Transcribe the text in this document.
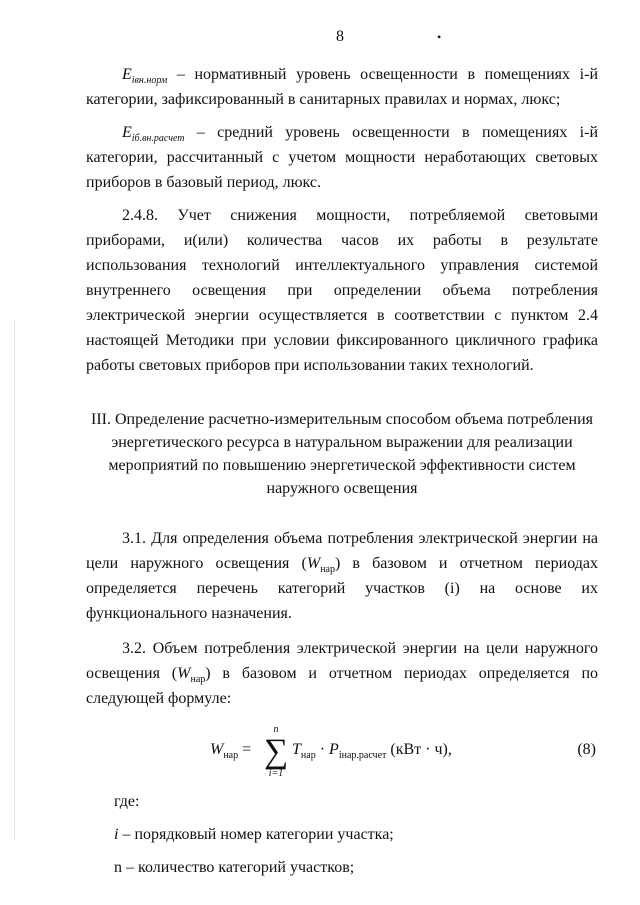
8	•

$E_{iвн.норм}$ – нормативный уровень освещенности в помещениях i-й категории, зафиксированный в санитарных правилах и нормах, люкс;

$E_{iб.вн.расчет}$ – средний уровень освещенности в помещениях i-й категории, рассчитанный с учетом мощности неработающих световых приборов в базовый период, люкс.

2.4.8. Учет снижения мощности, потребляемой световыми приборами, и(или) количества часов их работы в результате использования технологий интеллектуального управления системой внутреннего освещения при определении объема потребления электрической энергии осуществляется в соответствии с пунктом 2.4 настоящей Методики при условии фиксированного цикличного графика работы световых приборов при использовании таких технологий.

III. Определение расчетно-измерительным способом объема потребления энергетического ресурса в натуральном выражении для реализации мероприятий по повышению энергетической эффективности систем наружного освещения

3.1. Для определения объема потребления электрической энергии на цели наружного освещения $(W_{нар})$ в базовом и отчетном периодах определяется перечень категорий участков (i) на основе их функционального назначения.

3.2. Объем потребления электрической энергии на цели наружного освещения $(W_{нар})$ в базовом и отчетном периодах определяется по следующей формуле:

$W_{нар}$ =
n
∑
i=1
$T_{нар} \cdot P_{iнар.расчет}$ (кВт · ч),	(8)

где:

i – порядковый номер категории участка;

n – количество категорий участков;
